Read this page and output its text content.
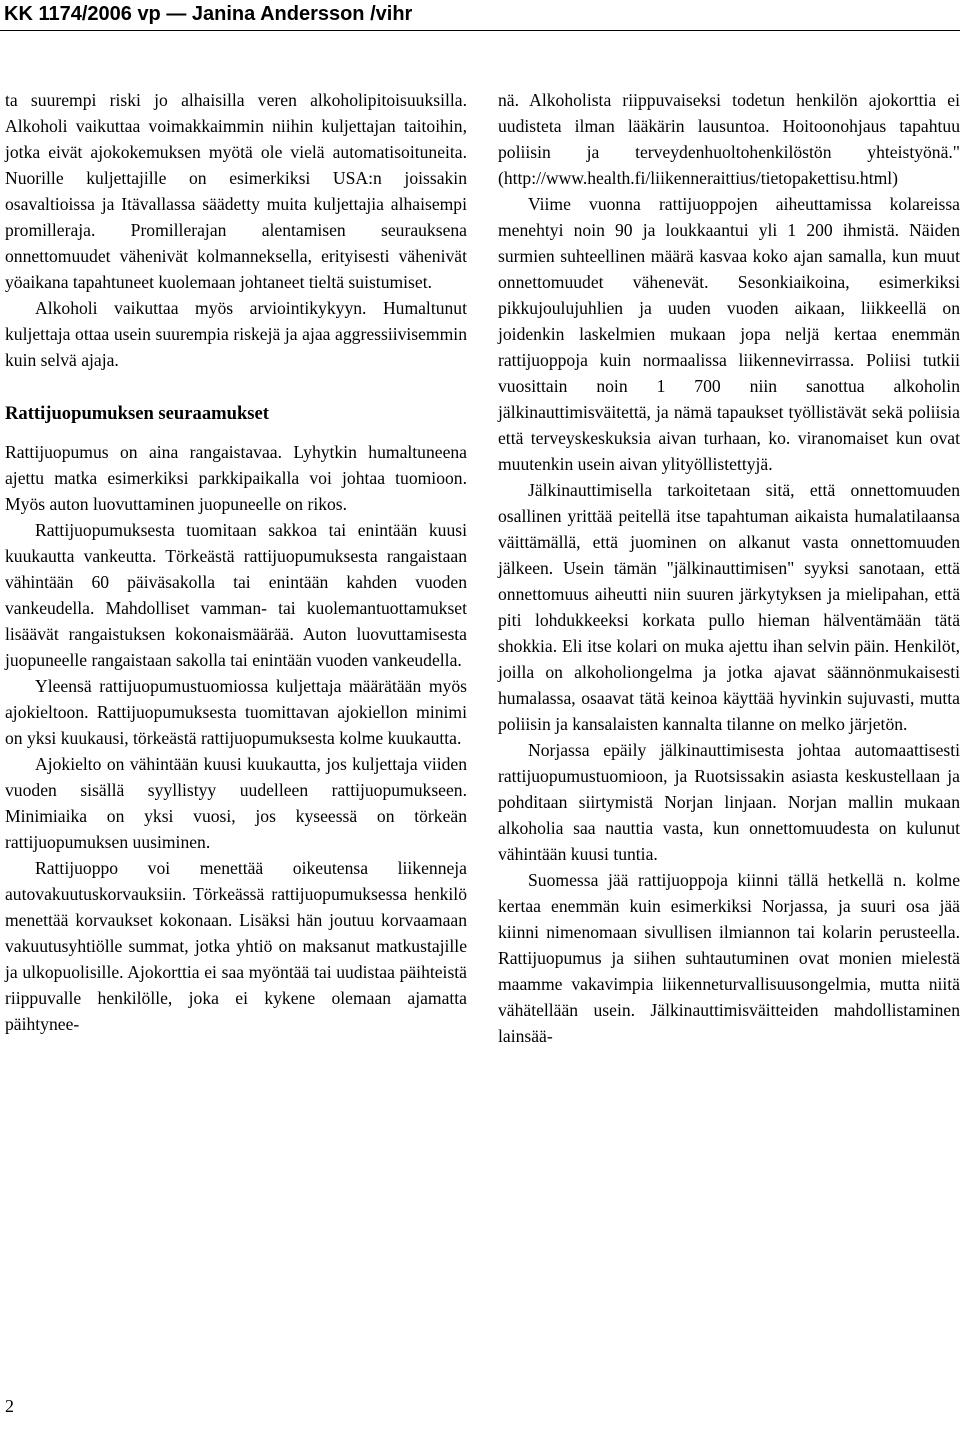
KK 1174/2006 vp — Janina Andersson /vihr

ta suurempi riski jo alhaisilla veren alkoholipitoisuuksilla. Alkoholi vaikuttaa voimakkaimmin niihin kuljettajan taitoihin, jotka eivät ajokokemuksen myötä ole vielä automatisoituneita. Nuorille kuljettajille on esimerkiksi USA:n joissakin osavaltioissa ja Itävallassa säädetty muita kuljettajia alhaisempi promilleraja. Promillerajan alentamisen seurauksena onnettomuudet vähenivät kolmanneksella, erityisesti vähenivät yöaikana tapahtuneet kuolemaan johtaneet tieltä suistumiset.

Alkoholi vaikuttaa myös arviointikykyyn. Humaltunut kuljettaja ottaa usein suurempia riskejä ja ajaa aggressiivisemmin kuin selvä ajaja.

Rattijuopumuksen seuraamukset

Rattijuopumus on aina rangaistavaa. Lyhytkin humaltuneena ajettu matka esimerkiksi parkkipaikalla voi johtaa tuomioon. Myös auton luovuttaminen juopuneelle on rikos.

Rattijuopumuksesta tuomitaan sakkoa tai enintään kuusi kuukautta vankeutta. Törkeästä rattijuopumuksesta rangaistaan vähintään 60 päiväsakolla tai enintään kahden vuoden vankeudella. Mahdolliset vamman- tai kuolemantuottamukset lisäävät rangaistuksen kokonaismäärää. Auton luovuttamisesta juopuneelle rangaistaan sakolla tai enintään vuoden vankeudella.

Yleensä rattijuopumustuomiossa kuljettaja määrätään myös ajokieltoon. Rattijuopumuksesta tuomittavan ajokiellon minimi on yksi kuukausi, törkeästä rattijuopumuksesta kolme kuukautta.

Ajokielto on vähintään kuusi kuukautta, jos kuljettaja viiden vuoden sisällä syyllistyy uudelleen rattijuopumukseen. Minimiaika on yksi vuosi, jos kyseessä on törkeän rattijuopumuksen uusiminen.

Rattijuoppo voi menettää oikeutensa liikenneja autovakuutuskorvauksiin. Törkeässä rattijuopumuksessa henkilö menettää korvaukset kokonaan. Lisäksi hän joutuu korvaamaan vakuutusyhtiölle summat, jotka yhtiö on maksanut matkustajille ja ulkopuolisille. Ajokorttia ei saa myöntää tai uudistaa päihteistä riippuvalle henkilölle, joka ei kykene olemaan ajamatta päihtynee-

nä. Alkoholista riippuvaiseksi todetun henkilön ajokorttia ei uudisteta ilman lääkärin lausuntoa. Hoitoonohjaus tapahtuu poliisin ja terveydenhuoltohenkilöstön yhteistyönä." (http://www.health.fi/liikenneraittius/tietopakettisu.html)

Viime vuonna rattijuoppojen aiheuttamissa kolareissa menehtyi noin 90 ja loukkaantui yli 1 200 ihmistä. Näiden surmien suhteellinen määrä kasvaa koko ajan samalla, kun muut onnettomuudet vähenevät. Sesonkiaikoina, esimerkiksi pikkujoulujuhlien ja uuden vuoden aikaan, liikkeellä on joidenkin laskelmien mukaan jopa neljä kertaa enemmän rattijuoppoja kuin normaalissa liikennevirrassa. Poliisi tutkii vuosittain noin 1 700 niin sanottua alkoholin jälkinauttimisväitettä, ja nämä tapaukset työllistävät sekä poliisia että terveyskeskuksia aivan turhaan, ko. viranomaiset kun ovat muutenkin usein aivan ylityöllistettyjä.

Jälkinauttimisella tarkoitetaan sitä, että onnettomuuden osallinen yrittää peitellä itse tapahtuman aikaista humalatilaansa väittämällä, että juominen on alkanut vasta onnettomuuden jälkeen. Usein tämän "jälkinauttimisen" syyksi sanotaan, että onnettomuus aiheutti niin suuren järkytyksen ja mielipahan, että piti lohdukkeeksi korkata pullo hieman hälventämään tätä shokkia. Eli itse kolari on muka ajettu ihan selvin päin. Henkilöt, joilla on alkoholiongelma ja jotka ajavat säännönmukaisesti humalassa, osaavat tätä keinoa käyttää hyvinkin sujuvasti, mutta poliisin ja kansalaisten kannalta tilanne on melko järjetön.

Norjassa epäily jälkinauttimisesta johtaa automaattisesti rattijuopumustuomioon, ja Ruotsissakin asiasta keskustellaan ja pohditaan siirtymistä Norjan linjaan. Norjan mallin mukaan alkoholia saa nauttia vasta, kun onnettomuudesta on kulunut vähintään kuusi tuntia.

Suomessa jää rattijuoppoja kiinni tällä hetkellä n. kolme kertaa enemmän kuin esimerkiksi Norjassa, ja suuri osa jää kiinni nimenomaan sivullisen ilmiannon tai kolarin perusteella. Rattijuopumus ja siihen suhtautuminen ovat monien mielestä maamme vakavimpia liikenneturvallisuusongelmia, mutta niitä vähätellään usein. Jälkinauttimisväitteiden mahdollistaminen lainsää-

2
